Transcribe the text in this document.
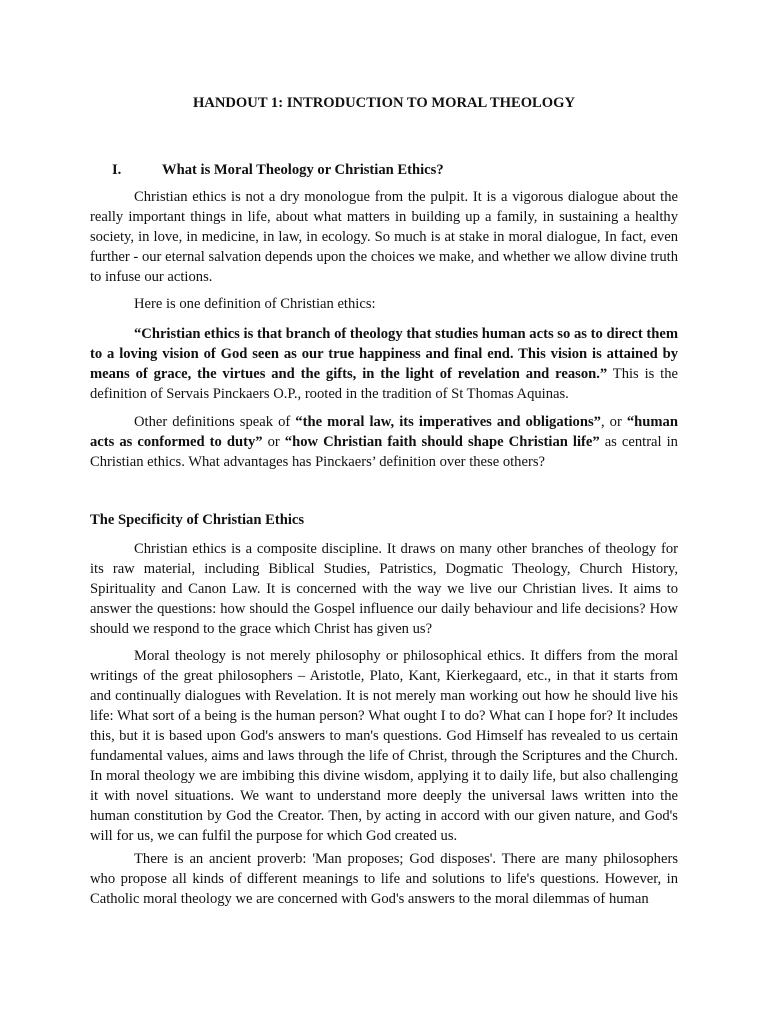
HANDOUT 1: INTRODUCTION TO MORAL THEOLOGY
I.	What is Moral Theology or Christian Ethics?

Christian ethics is not a dry monologue from the pulpit. It is a vigorous dialogue about the really important things in life, about what matters in building up a family, in sustaining a healthy society, in love, in medicine, in law, in ecology. So much is at stake in moral dialogue, In fact, even further - our eternal salvation depends upon the choices we make, and whether we allow divine truth to infuse our actions.

Here is one definition of Christian ethics:

“Christian ethics is that branch of theology that studies human acts so as to direct them to a loving vision of God seen as our true happiness and final end. This vision is attained by means of grace, the virtues and the gifts, in the light of revelation and reason.” This is the definition of Servais Pinckaers O.P., rooted in the tradition of St Thomas Aquinas.

Other definitions speak of “the moral law, its imperatives and obligations”, or “human acts as conformed to duty” or “how Christian faith should shape Christian life” as central in Christian ethics. What advantages has Pinckaers’ definition over these others?

The Specificity of Christian Ethics

Christian ethics is a composite discipline. It draws on many other branches of theology for its raw material, including Biblical Studies, Patristics, Dogmatic Theology, Church History, Spirituality and Canon Law. It is concerned with the way we live our Christian lives. It aims to answer the questions: how should the Gospel influence our daily behaviour and life decisions? How should we respond to the grace which Christ has given us?

Moral theology is not merely philosophy or philosophical ethics. It differs from the moral writings of the great philosophers – Aristotle, Plato, Kant, Kierkegaard, etc., in that it starts from and continually dialogues with Revelation. It is not merely man working out how he should live his life: What sort of a being is the human person? What ought I to do? What can I hope for? It includes this, but it is based upon God's answers to man's questions. God Himself has revealed to us certain fundamental values, aims and laws through the life of Christ, through the Scriptures and the Church. In moral theology we are imbibing this divine wisdom, applying it to daily life, but also challenging it with novel situations. We want to understand more deeply the universal laws written into the human constitution by God the Creator. Then, by acting in accord with our given nature, and God's will for us, we can fulfil the purpose for which God created us.

There is an ancient proverb: 'Man proposes; God disposes'. There are many philosophers who propose all kinds of different meanings to life and solutions to life's questions. However, in Catholic moral theology we are concerned with God's answers to the moral dilemmas of human
